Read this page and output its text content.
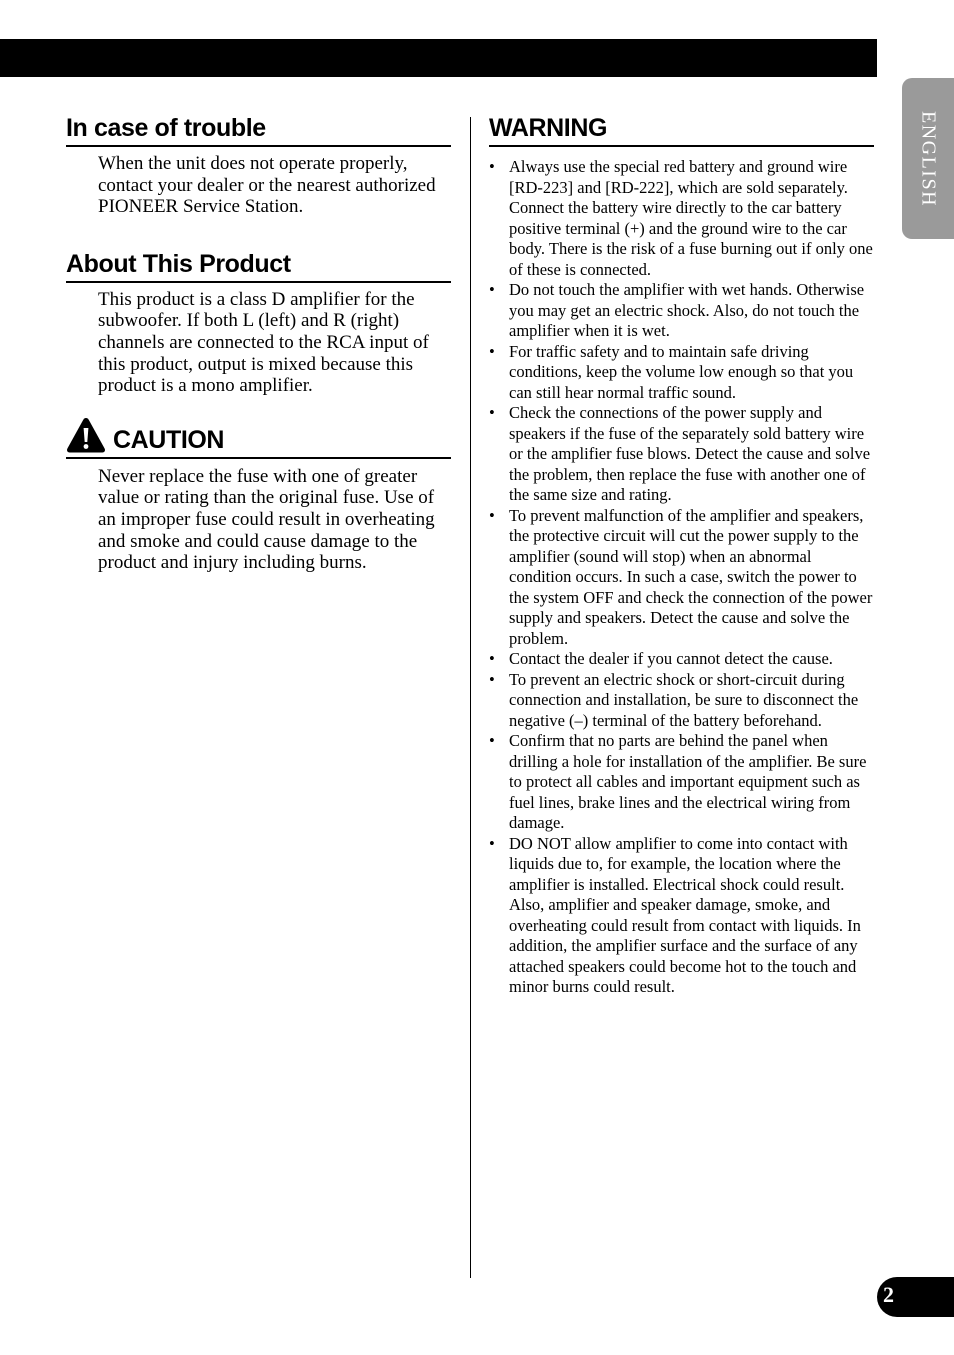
ENGLISH
In case of trouble

When the unit does not operate properly, contact your dealer or the nearest authorized PIONEER Service Station.

About This Product

This product is a class D amplifier for the subwoofer. If both L (left) and R (right) channels are connected to the RCA input of this product, output is mixed because this product is a mono amplifier.

CAUTION

Never replace the fuse with one of greater value or rating than the original fuse. Use of an improper fuse could result in overheating and smoke and could cause damage to the product and injury including burns.

WARNING
• Always use the special red battery and ground wire [RD-223] and [RD-222], which are sold separately. Connect the battery wire directly to the car battery positive terminal (+) and the ground wire to the car body. There is the risk of a fuse burning out if only one of these is connected.
• Do not touch the amplifier with wet hands. Otherwise you may get an electric shock. Also, do not touch the amplifier when it is wet.
• For traffic safety and to maintain safe driving conditions, keep the volume low enough so that you can still hear normal traffic sound.
• Check the connections of the power supply and speakers if the fuse of the separately sold battery wire or the amplifier fuse blows. Detect the cause and solve the problem, then replace the fuse with another one of the same size and rating.
• To prevent malfunction of the amplifier and speakers, the protective circuit will cut the power supply to the amplifier (sound will stop) when an abnormal condition occurs. In such a case, switch the power to the system OFF and check the connection of the power supply and speakers. Detect the cause and solve the problem.
• Contact the dealer if you cannot detect the cause.
• To prevent an electric shock or short-circuit during connection and installation, be sure to disconnect the negative (–) terminal of the battery beforehand.
• Confirm that no parts are behind the panel when drilling a hole for installation of the amplifier. Be sure to protect all cables and important equipment such as fuel lines, brake lines and the electrical wiring from damage.
• DO NOT allow amplifier to come into contact with liquids due to, for example, the location where the amplifier is installed. Electrical shock could result. Also, amplifier and speaker damage, smoke, and overheating could result from contact with liquids. In addition, the amplifier surface and the surface of any attached speakers could become hot to the touch and minor burns could result.
2
